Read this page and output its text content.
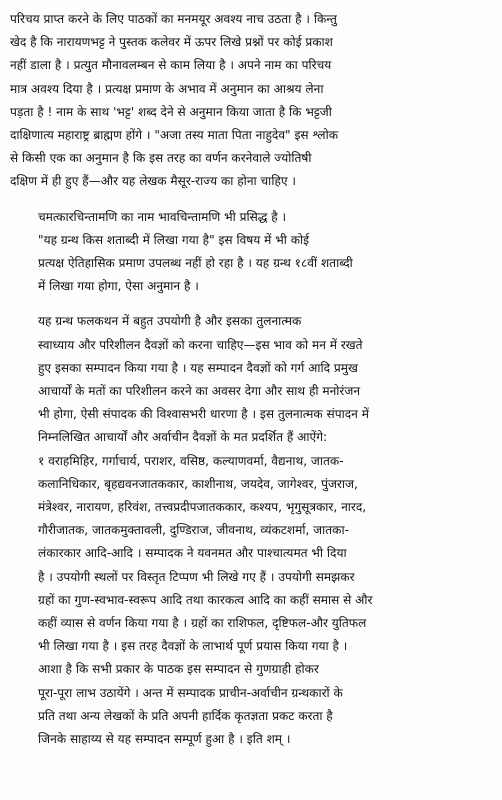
परिचय प्राप्त करने के लिए पाठकों का मनमयूर अवश्य नाच उठता है । किन्तु
खेद है कि नारायणभट्ट ने पुस्तक कलेवर में ऊपर लिखे प्रश्नों पर कोई प्रकाश
नहीं डाला है । प्रत्युत मौनावलम्बन से काम लिया है । अपने नाम का परिचय
मात्र अवश्य दिया है । प्रत्यक्ष प्रमाण के अभाव में अनुमान का आश्रय लेना
पड़ता है ! नाम के साथ 'भट्ट' शब्द देने से अनुमान किया जाता है कि भट्टजी
दाक्षिणात्य महाराष्ट्र ब्राह्मण होंगे । "अजा तस्य माता पिता नाहुदेव" इस श्लोक
से किसी एक का अनुमान है कि इस तरह का वर्णन करनेवाले ज्योतिषी
दक्षिण में ही हुए हैं—और यह लेखक मैसूर-राज्य का होना चाहिए ।

चमत्कारचिन्तामणि का नाम भावचिन्तामणि भी प्रसिद्ध है ।

"यह ग्रन्थ किस शताब्दी में लिखा गया है" इस विषय में भी कोई
प्रत्यक्ष ऐतिहासिक प्रमाण उपलब्ध नहीं हो रहा है । यह ग्रन्थ १८वीं शताब्दी
में लिखा गया होगा, ऐसा अनुमान है ।

यह ग्रन्थ फलकथन में बहुत उपयोगी है और इसका तुलनात्मक
स्वाध्याय और परिशीलन दैवज्ञों को करना चाहिए—इस भाव को मन में रखते
हुए इसका सम्पादन किया गया है । यह सम्पादन दैवज्ञों को गर्ग आदि प्रमुख
आचार्यों के मतों का परिशीलन करने का अवसर देगा और साथ ही मनोरंजन
भी होगा, ऐसी संपादक की विश्वासभरी धारणा है । इस तुलनात्मक संपादन में
निम्नलिखित आचार्यों और अर्वाचीन दैवज्ञों के मत प्रदर्शित हैं आऐंगे:

१ वराहमिहिर, गर्गाचार्य, पराशर, वसिष्ठ, कल्याणवर्मा, वैद्यनाथ, जातक-
कलानिधिकार, बृहद्यवनजातककार, काशीनाथ, जयदेव, जागेश्वर, पुंजराज,
मंत्रेश्वर, नारायण, हरिवंश, तत्त्वप्रदीपजातककार, कश्यप, भृगुसूत्रकार, नारद,
गौरीजातक, जातकमुक्तावली, दुण्डिराज, जीवनाथ, व्यंकटशर्मा, जातका-
लंकारकार आदि-आदि । सम्पादक ने यवनमत और पाश्चात्यमत भी दिया
है । उपयोगी स्थलों पर विस्तृत टिप्पण भी लिखे गए हैं । उपयोगी समझकर
ग्रहों का गुण-स्वभाव-स्वरूप आदि तथा कारकत्व आदि का कहीं समास से और
कहीं व्यास से वर्णन किया गया है । ग्रहों का राशिफल, दृष्टिफल-और युतिफल
भी लिखा गया है । इस तरह दैवज्ञों के लाभार्थ पूर्ण प्रयास किया गया है ।

आशा है कि सभी प्रकार के पाठक इस सम्पादन से गुणग्राही होकर
पूरा-पूरा लाभ उठायेंगे । अन्त में सम्पादक प्राचीन-अर्वाचीन ग्रन्थकारों के
प्रति तथा अन्य लेखकों के प्रति अपनी हार्दिक कृतज्ञता प्रकट करता है
जिनके साहाय्य से यह सम्पादन सम्पूर्ण हुआ है । इति शम् ।
